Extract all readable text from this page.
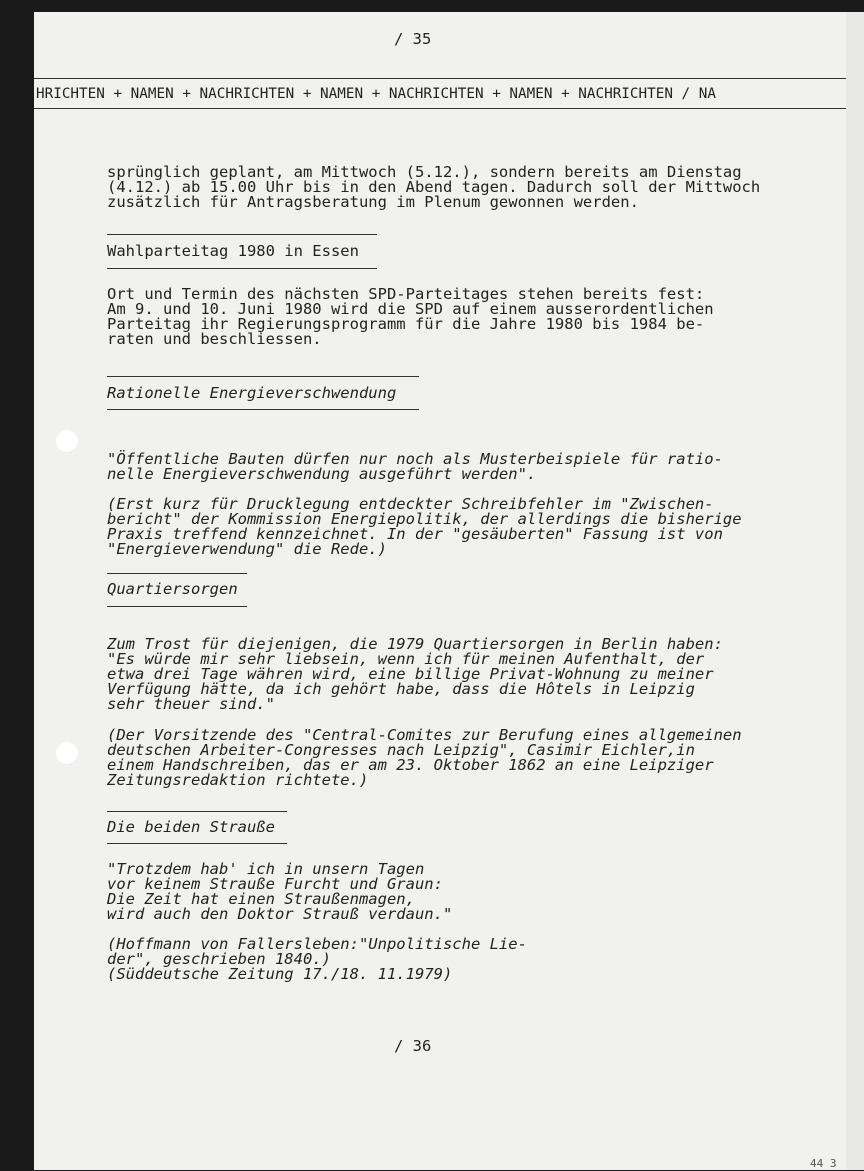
/ 35
HRICHTEN + NAMEN + NACHRICHTEN + NAMEN + NACHRICHTEN + NAMEN + NACHRICHTEN / NA
sprünglich geplant, am Mittwoch (5.12.), sondern bereits am Dienstag
(4.12.) ab 15.00 Uhr bis in den Abend tagen. Dadurch soll der Mittwoch
zusätzlich für Antragsberatung im Plenum gewonnen werden.
Wahlparteitag 1980 in Essen
Ort und Termin des nächsten SPD-Parteitages stehen bereits fest:
Am 9. und 10. Juni 1980 wird die SPD auf einem ausserordentlichen
Parteitag ihr Regierungsprogramm für die Jahre 1980 bis 1984 be-
raten und beschliessen.
Rationelle Energieverschwendung
"Öffentliche Bauten dürfen nur noch als Musterbeispiele für ratio-
nelle Energieverschwendung ausgeführt werden".
(Erst kurz für Drucklegung entdeckter Schreibfehler im "Zwischen-
bericht" der Kommission Energiepolitik, der allerdings die bisherige
Praxis treffend kennzeichnet. In der "gesäuberten" Fassung ist von
"Energieverwendung" die Rede.)
Quartiersorgen
Zum Trost für diejenigen, die 1979 Quartiersorgen in Berlin haben:
"Es würde mir sehr liebsein, wenn ich für meinen Aufenthalt, der
etwa drei Tage währen wird, eine billige Privat-Wohnung zu meiner
Verfügung hätte, da ich gehört habe, dass die Hôtels in Leipzig
sehr theuer sind."
(Der Vorsitzende des "Central-Comites zur Berufung eines allgemeinen
deutschen Arbeiter-Congresses nach Leipzig", Casimir Eichler,in
einem Handschreiben, das er am 23. Oktober 1862 an eine Leipziger
Zeitungsredaktion richtete.)
Die beiden Strauße
"Trotzdem hab' ich in unsern Tagen
vor keinem Strauße Furcht und Graun:
Die Zeit hat einen Straußenmagen,
wird auch den Doktor Strauß verdaun."
(Hoffmann von Fallersleben:"Unpolitische Lie-
der", geschrieben 1840.)
(Süddeutsche Zeitung 17./18. 11.1979)
/ 36
44 3
